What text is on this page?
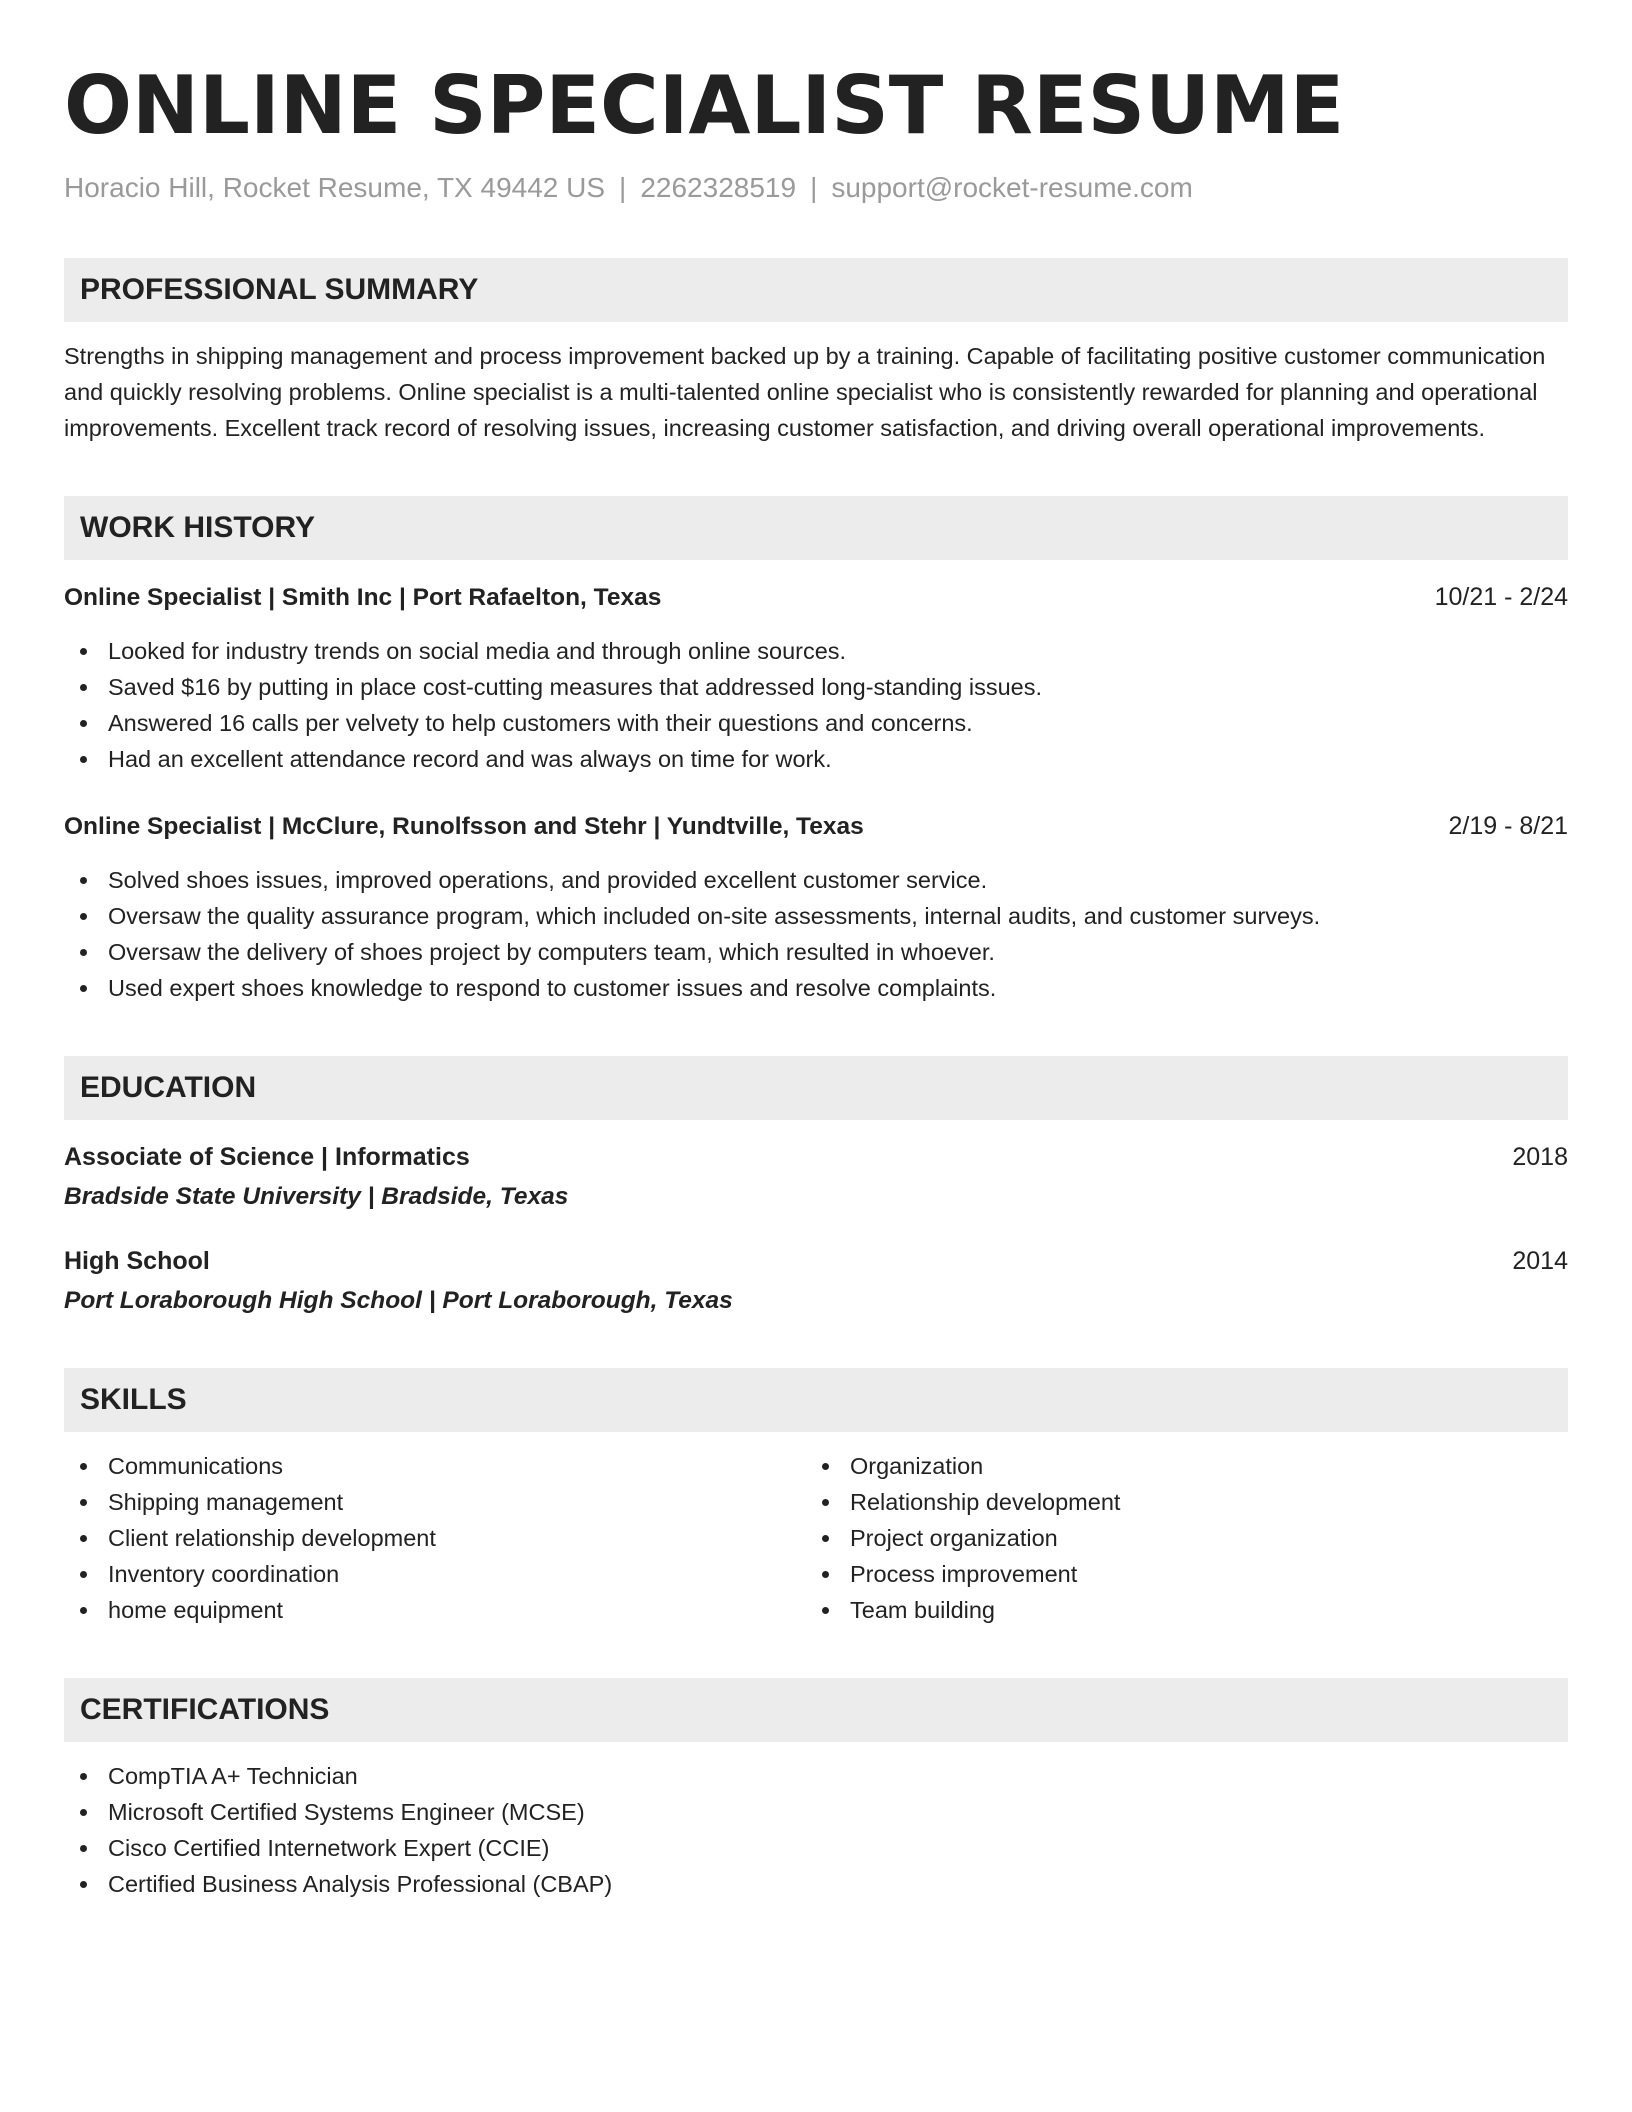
ONLINE SPECIALIST RESUME
Horacio Hill, Rocket Resume, TX 49442 US | 2262328519 | support@rocket-resume.com
PROFESSIONAL SUMMARY
Strengths in shipping management and process improvement backed up by a training. Capable of facilitating positive customer communication and quickly resolving problems. Online specialist is a multi-talented online specialist who is consistently rewarded for planning and operational improvements. Excellent track record of resolving issues, increasing customer satisfaction, and driving overall operational improvements.
WORK HISTORY
Online Specialist | Smith Inc | Port Rafaelton, Texas	10/21 - 2/24
Looked for industry trends on social media and through online sources.
Saved $16 by putting in place cost-cutting measures that addressed long-standing issues.
Answered 16 calls per velvety to help customers with their questions and concerns.
Had an excellent attendance record and was always on time for work.
Online Specialist | McClure, Runolfsson and Stehr | Yundtville, Texas	2/19 - 8/21
Solved shoes issues, improved operations, and provided excellent customer service.
Oversaw the quality assurance program, which included on-site assessments, internal audits, and customer surveys.
Oversaw the delivery of shoes project by computers team, which resulted in whoever.
Used expert shoes knowledge to respond to customer issues and resolve complaints.
EDUCATION
Associate of Science | Informatics	2018
Bradside State University | Bradside, Texas
High School	2014
Port Loraborough High School | Port Loraborough, Texas
SKILLS
Communications
Shipping management
Client relationship development
Inventory coordination
home equipment
Organization
Relationship development
Project organization
Process improvement
Team building
CERTIFICATIONS
CompTIA A+ Technician
Microsoft Certified Systems Engineer (MCSE)
Cisco Certified Internetwork Expert (CCIE)
Certified Business Analysis Professional (CBAP)
